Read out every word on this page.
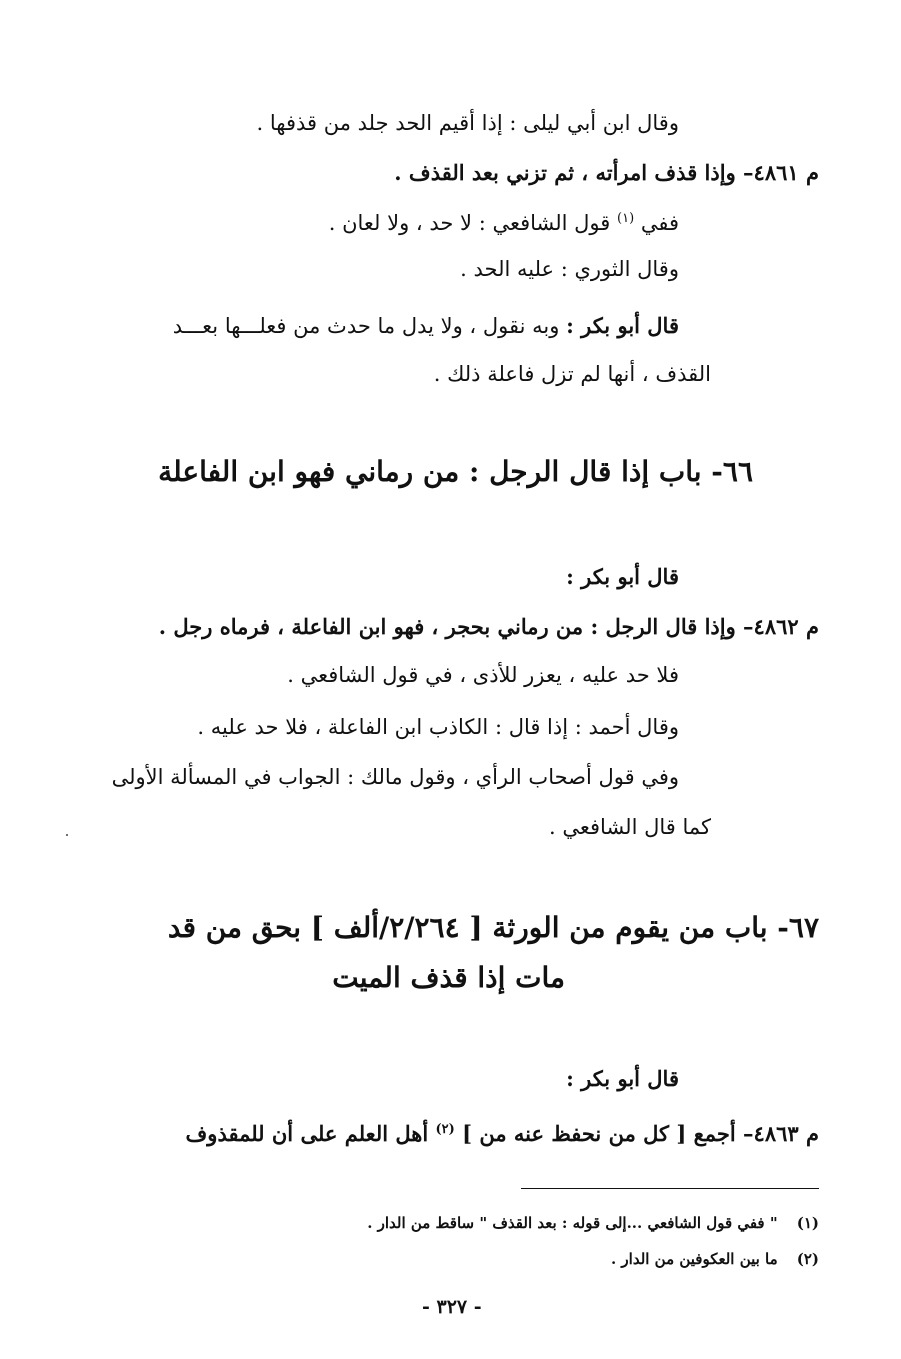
وقال ابن أبي ليلى : إذا أقيم الحد جلد من قذفها .
م ٤٨٦١– وإذا قذف امرأته ، ثم تزني بعد القذف .
ففي $^{(١)}$ قول الشافعي : لا حد ، ولا لعان .
وقال الثوري : عليه الحد .
قال أبو بكر : وبه نقول ، ولا يدل ما حدث من فعلـــها بعـــد
القذف ، أنها لم تزل فاعلة ذلك .
٦٦- باب إذا قال الرجل : من رماني فهو ابن الفاعلة
قال أبو بكر :
م ٤٨٦٢– وإذا قال الرجل : من رماني بحجر ، فهو ابن الفاعلة ، فرماه رجل .
فلا حد عليه ، يعزر للأذى ، في قول الشافعي .
وقال أحمد : إذا قال : الكاذب ابن الفاعلة ، فلا حد عليه .
وفي قول أصحاب الرأي ، وقول مالك : الجواب في المسألة الأولى
كما قال الشافعي .
٦٧- باب من يقوم من الورثة [ ٢/٢٦٤/ألف ] بحق من قد
مات إذا قذف الميت
قال أبو بكر :
م ٤٨٦٣– أجمع [ كل من نحفظ عنه من ] $^{(٢)}$ أهل العلم على أن للمقذوف
(١)    " ففي قول الشافعي ...إلى قوله : بعد القذف " ساقط من الدار .
(٢)    ما بين العكوفين من الدار .
- ٣٢٧ -
